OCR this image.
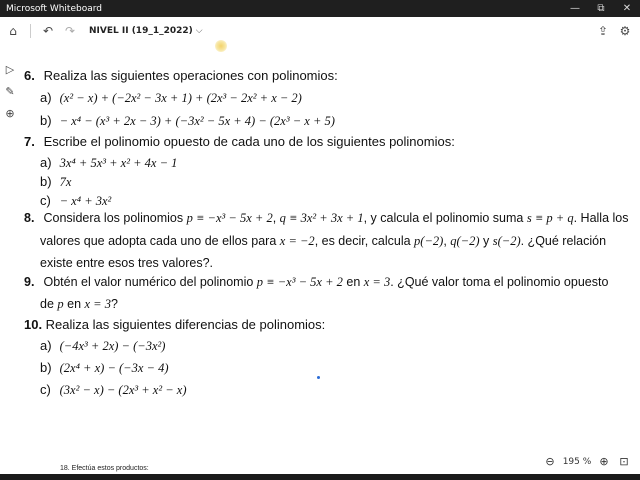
Microsoft Whiteboard	—	⧉	✕
⌂	↶ ↷	NIVEL II (19_1_2022) ⌵	⇪ ⚙
▷
✎
⊕
6. Realiza las siguientes operaciones con polinomios:
a) (x² − x) + (−2x² − 3x + 1) + (2x³ − 2x² + x − 2)
b) − x⁴ − (x³ + 2x − 3) + (−3x² − 5x + 4) − (2x³ − x + 5)
7. Escribe el polinomio opuesto de cada uno de los siguientes polinomios:
a) 3x⁴ + 5x³ + x² + 4x − 1
b) 7x
c) − x⁴ + 3x²
8. Considera los polinomios p ≡ −x³ − 5x + 2, q ≡ 3x² + 3x + 1, y calcula el polinomio suma s ≡ p + q. Halla los
valores que adopta cada uno de ellos para x = −2, es decir, calcula p(−2), q(−2) y s(−2). ¿Qué relación
existe entre esos tres valores?.
9. Obtén el valor numérico del polinomio p ≡ −x³ − 5x + 2 en x = 3. ¿Qué valor toma el polinomio opuesto
de p en x = 3?
10. Realiza las siguientes diferencias de polinomios:
a) (−4x³ + 2x) − (−3x²)
b) (2x⁴ + x) − (−3x − 4)
c) (3x² − x) − (2x³ + x² − x)
⊖ 195 % ⊕ ⊡
18. Efectúa estos productos:
